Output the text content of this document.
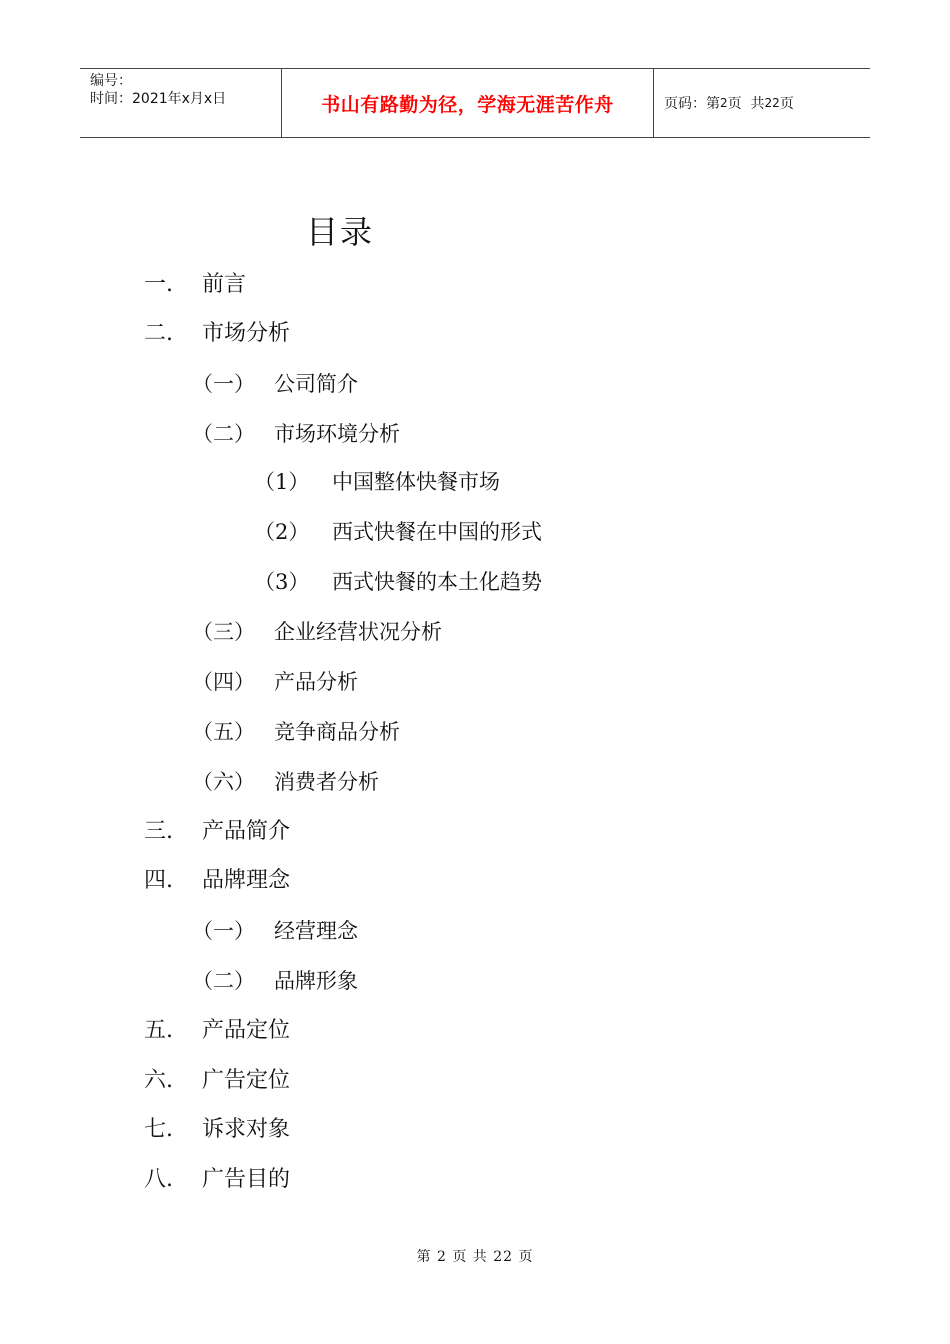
编号：
时间：2021年x月x日	书山有路勤为径，学海无涯苦作舟	页码：第 2 页  共 22 页
目录
一. 前言
二. 市场分析
（一） 公司简介
（二） 市场环境分析
（1） 中国整体快餐市场
（2） 西式快餐在中国的形式
（3） 西式快餐的本土化趋势
（三） 企业经营状况分析
（四） 产品分析
（五） 竞争商品分析
（六） 消费者分析
三. 产品简介
四. 品牌理念
（一） 经营理念
（二） 品牌形象
五. 产品定位
六. 广告定位
七. 诉求对象
八. 广告目的
第 2 页 共 22 页
